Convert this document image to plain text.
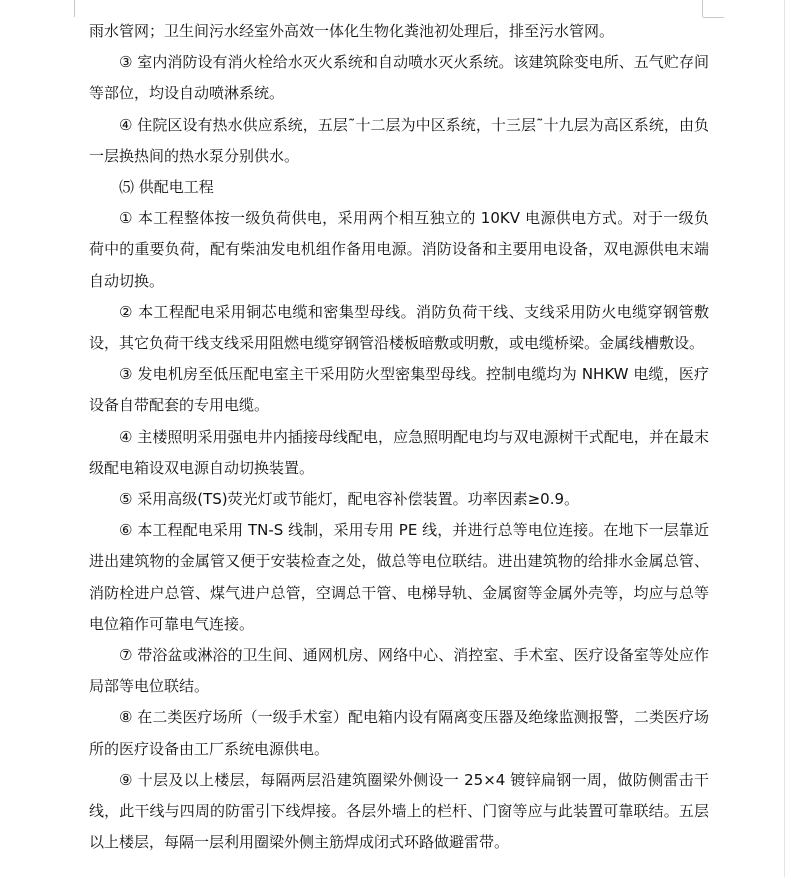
雨水管网；卫生间污水经室外高效一体化生物化粪池初处理后，排至污水管网。

③ 室内消防设有消火栓给水灭火系统和自动喷水灭火系统。该建筑除变电所、五气贮存间等部位，均设自动喷淋系统。

④ 住院区设有热水供应系统，五层˜十二层为中区系统，十三层˜十九层为高区系统，由负一层换热间的热水泵分别供水。

⑸ 供配电工程

① 本工程整体按一级负荷供电，采用两个相互独立的 10KV 电源供电方式。对于一级负荷中的重要负荷，配有柴油发电机组作备用电源。消防设备和主要用电设备，双电源供电末端自动切换。

② 本工程配电采用铜芯电缆和密集型母线。消防负荷干线、支线采用防火电缆穿钢管敷设，其它负荷干线支线采用阻燃电缆穿钢管沿楼板暗敷或明敷，或电缆桥梁。金属线槽敷设。

③ 发电机房至低压配电室主干采用防火型密集型母线。控制电缆均为 NHKW 电缆，医疗设备自带配套的专用电缆。

④ 主楼照明采用强电井内插接母线配电，应急照明配电均与双电源树干式配电，并在最末级配电箱设双电源自动切换装置。

⑤ 采用高级(TS)荧光灯或节能灯，配电容补偿装置。功率因素≥0.9。

⑥ 本工程配电采用 TN-S 线制，采用专用 PE 线，并进行总等电位连接。在地下一层靠近进出建筑物的金属管又便于安装检查之处，做总等电位联结。进出建筑物的给排水金属总管、消防栓进户总管、煤气进户总管，空调总干管、电梯导轨、金属窗等金属外壳等，均应与总等电位箱作可靠电气连接。

⑦ 带浴盆或淋浴的卫生间、通网机房、网络中心、消控室、手术室、医疗设备室等处应作局部等电位联结。

⑧ 在二类医疗场所（一级手术室）配电箱内设有隔离变压器及绝缘监测报警，二类医疗场所的医疗设备由工厂系统电源供电。

⑨ 十层及以上楼层，每隔两层沿建筑圈梁外侧设一 25×4 镀锌扁钢一周，做防侧雷击干线，此干线与四周的防雷引下线焊接。各层外墙上的栏杆、门窗等应与此装置可靠联结。五层以上楼层，每隔一层利用圈梁外侧主筋焊成闭式环路做避雷带。
